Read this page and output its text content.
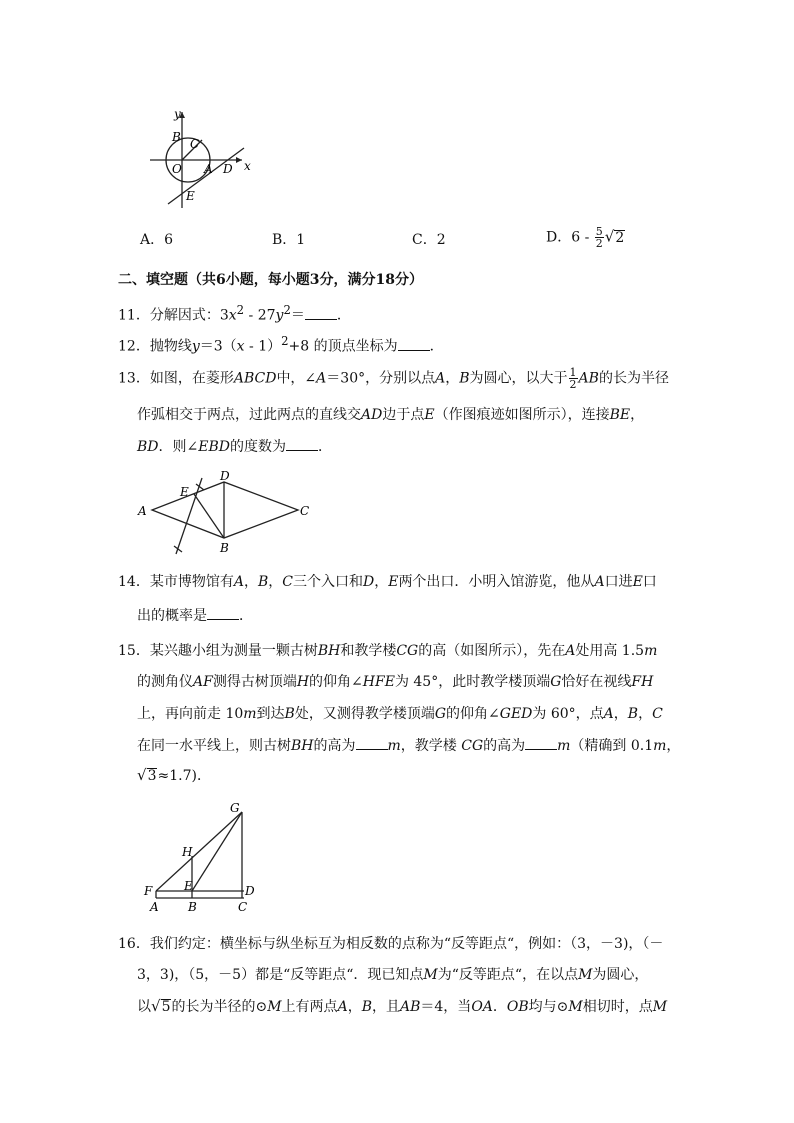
y
x
O
B C
A D
E
A．6	B．1	C．2	D．$6 - \frac{5}{2} √2$
二、填空题（共6小题，每小题3分，满分18分）
11．分解因式：$3x^2 - 27y^2=$ ．
12．抛物线y＝3（x - 1）$^2$+8 的顶点坐标为 ．
13．如图，在菱形ABCD中，∠A＝30°，分别以点A，B为圆心，以大于 $\frac{1}{2}$ AB的长为半径
作弧相交于两点，过此两点的直线交AD边于点E（作图痕迹如图所示），连接BE，
BD．则∠EBD的度数为 ．
A
E
D
C
B
14．某市博物馆有A，B，C三个入口和D，E两个出口．小明入馆游览，他从A口进E口
出的概率是 ．
15．某兴趣小组为测量一颗古树BH和教学楼CG的高（如图所示），先在A处用高 1.5m
的测角仪AF测得古树顶端H的仰角∠HFE为 45°，此时教学楼顶端G恰好在视线FH
上，再向前走 10m到达B处，又测得教学楼顶端G的仰角∠GED为 60°，点A，B，C
在同一水平线上，则古树BH的高为 m，教学楼 CG的高为 m（精确到 0.1m，
√3≈1.7)．
G
H
F	E	D
A B	C
16．我们约定：横坐标与纵坐标互为相反数的点称为“反等距点“，例如：（3，－3)，（－
3，3)，（5，－5）都是“反等距点“．现已知点M为“反等距点“，在以点M为圆心，
以√5的长为半径的⊙M上有两点A，B，且AB＝4，当OA．OB均与⊙M相切时，点M
